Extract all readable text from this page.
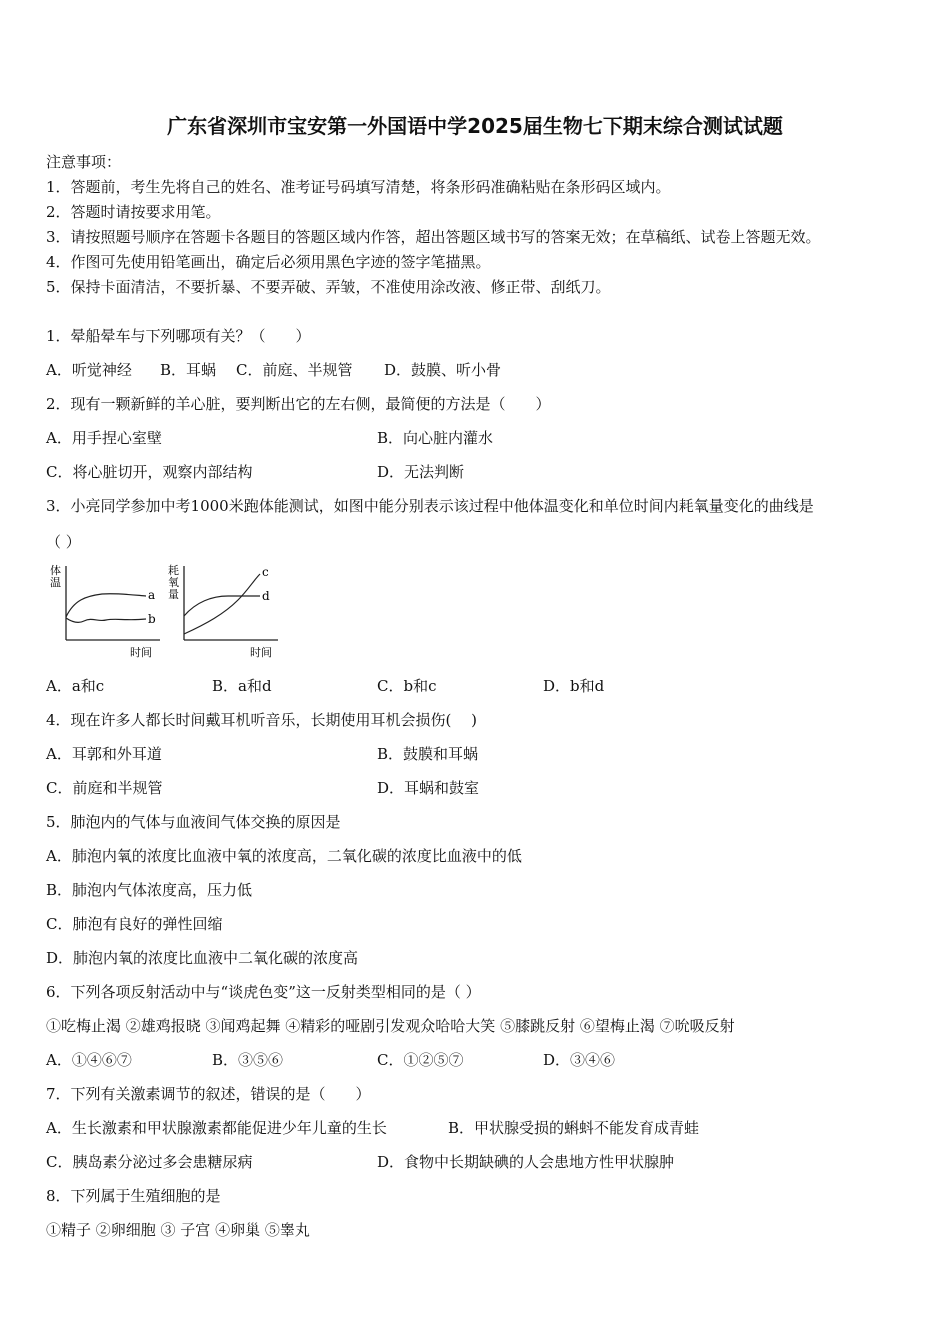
广东省深圳市宝安第一外国语中学2025届生物七下期末综合测试试题
注意事项：
1．答题前，考生先将自己的姓名、准考证号码填写清楚，将条形码准确粘贴在条形码区域内。
2．答题时请按要求用笔。
3．请按照题号顺序在答题卡各题目的答题区域内作答，超出答题区域书写的答案无效；在草稿纸、试卷上答题无效。
4．作图可先使用铅笔画出，确定后必须用黑色字迹的签字笔描黑。
5．保持卡面清洁，不要折暴、不要弄破、弄皱，不准使用涂改液、修正带、刮纸刀。
1．晕船晕车与下列哪项有关？（　　）
A．听觉神经 B．耳蜗 C．前庭、半规管 D．鼓膜、听小骨
2．现有一颗新鲜的羊心脏，要判断出它的左右侧，最简便的方法是（　　）
A．用手捏心室壁	B．向心脏内灌水
C．将心脏切开，观察内部结构	D．无法判断
3．小亮同学参加中考1000米跑体能测试，如图中能分别表示该过程中他体温变化和单位时间内耗氧量变化的曲线是
（ ）
a
b
体温
时间
c
d
耗氧量
时间
A．a和c	B．a和d	C．b和c	D．b和d
4．现在许多人都长时间戴耳机听音乐，长期使用耳机会损伤(　 )
A．耳郭和外耳道	B．鼓膜和耳蜗
C．前庭和半规管	D．耳蜗和鼓室
5．肺泡内的气体与血液间气体交换的原因是
A．肺泡内氧的浓度比血液中氧的浓度高，二氧化碳的浓度比血液中的低
B．肺泡内气体浓度高，压力低
C．肺泡有良好的弹性回缩
D．肺泡内氧的浓度比血液中二氧化碳的浓度高
6．下列各项反射活动中与“谈虎色变”这一反射类型相同的是（ ）
①吃梅止渴 ②雄鸡报晓 ③闻鸡起舞 ④精彩的哑剧引发观众哈哈大笑 ⑤膝跳反射 ⑥望梅止渴 ⑦吮吸反射
A．①④⑥⑦	B．③⑤⑥	C．①②⑤⑦	D．③④⑥
7．下列有关激素调节的叙述，错误的是（　　）
A．生长激素和甲状腺激素都能促进少年儿童的生长	B．甲状腺受损的蝌蚪不能发育成青蛙
C．胰岛素分泌过多会患糖尿病	D．食物中长期缺碘的人会患地方性甲状腺肿
8．下列属于生殖细胞的是
①精子 ②卵细胞 ③ 子宫 ④卵巢 ⑤睾丸
